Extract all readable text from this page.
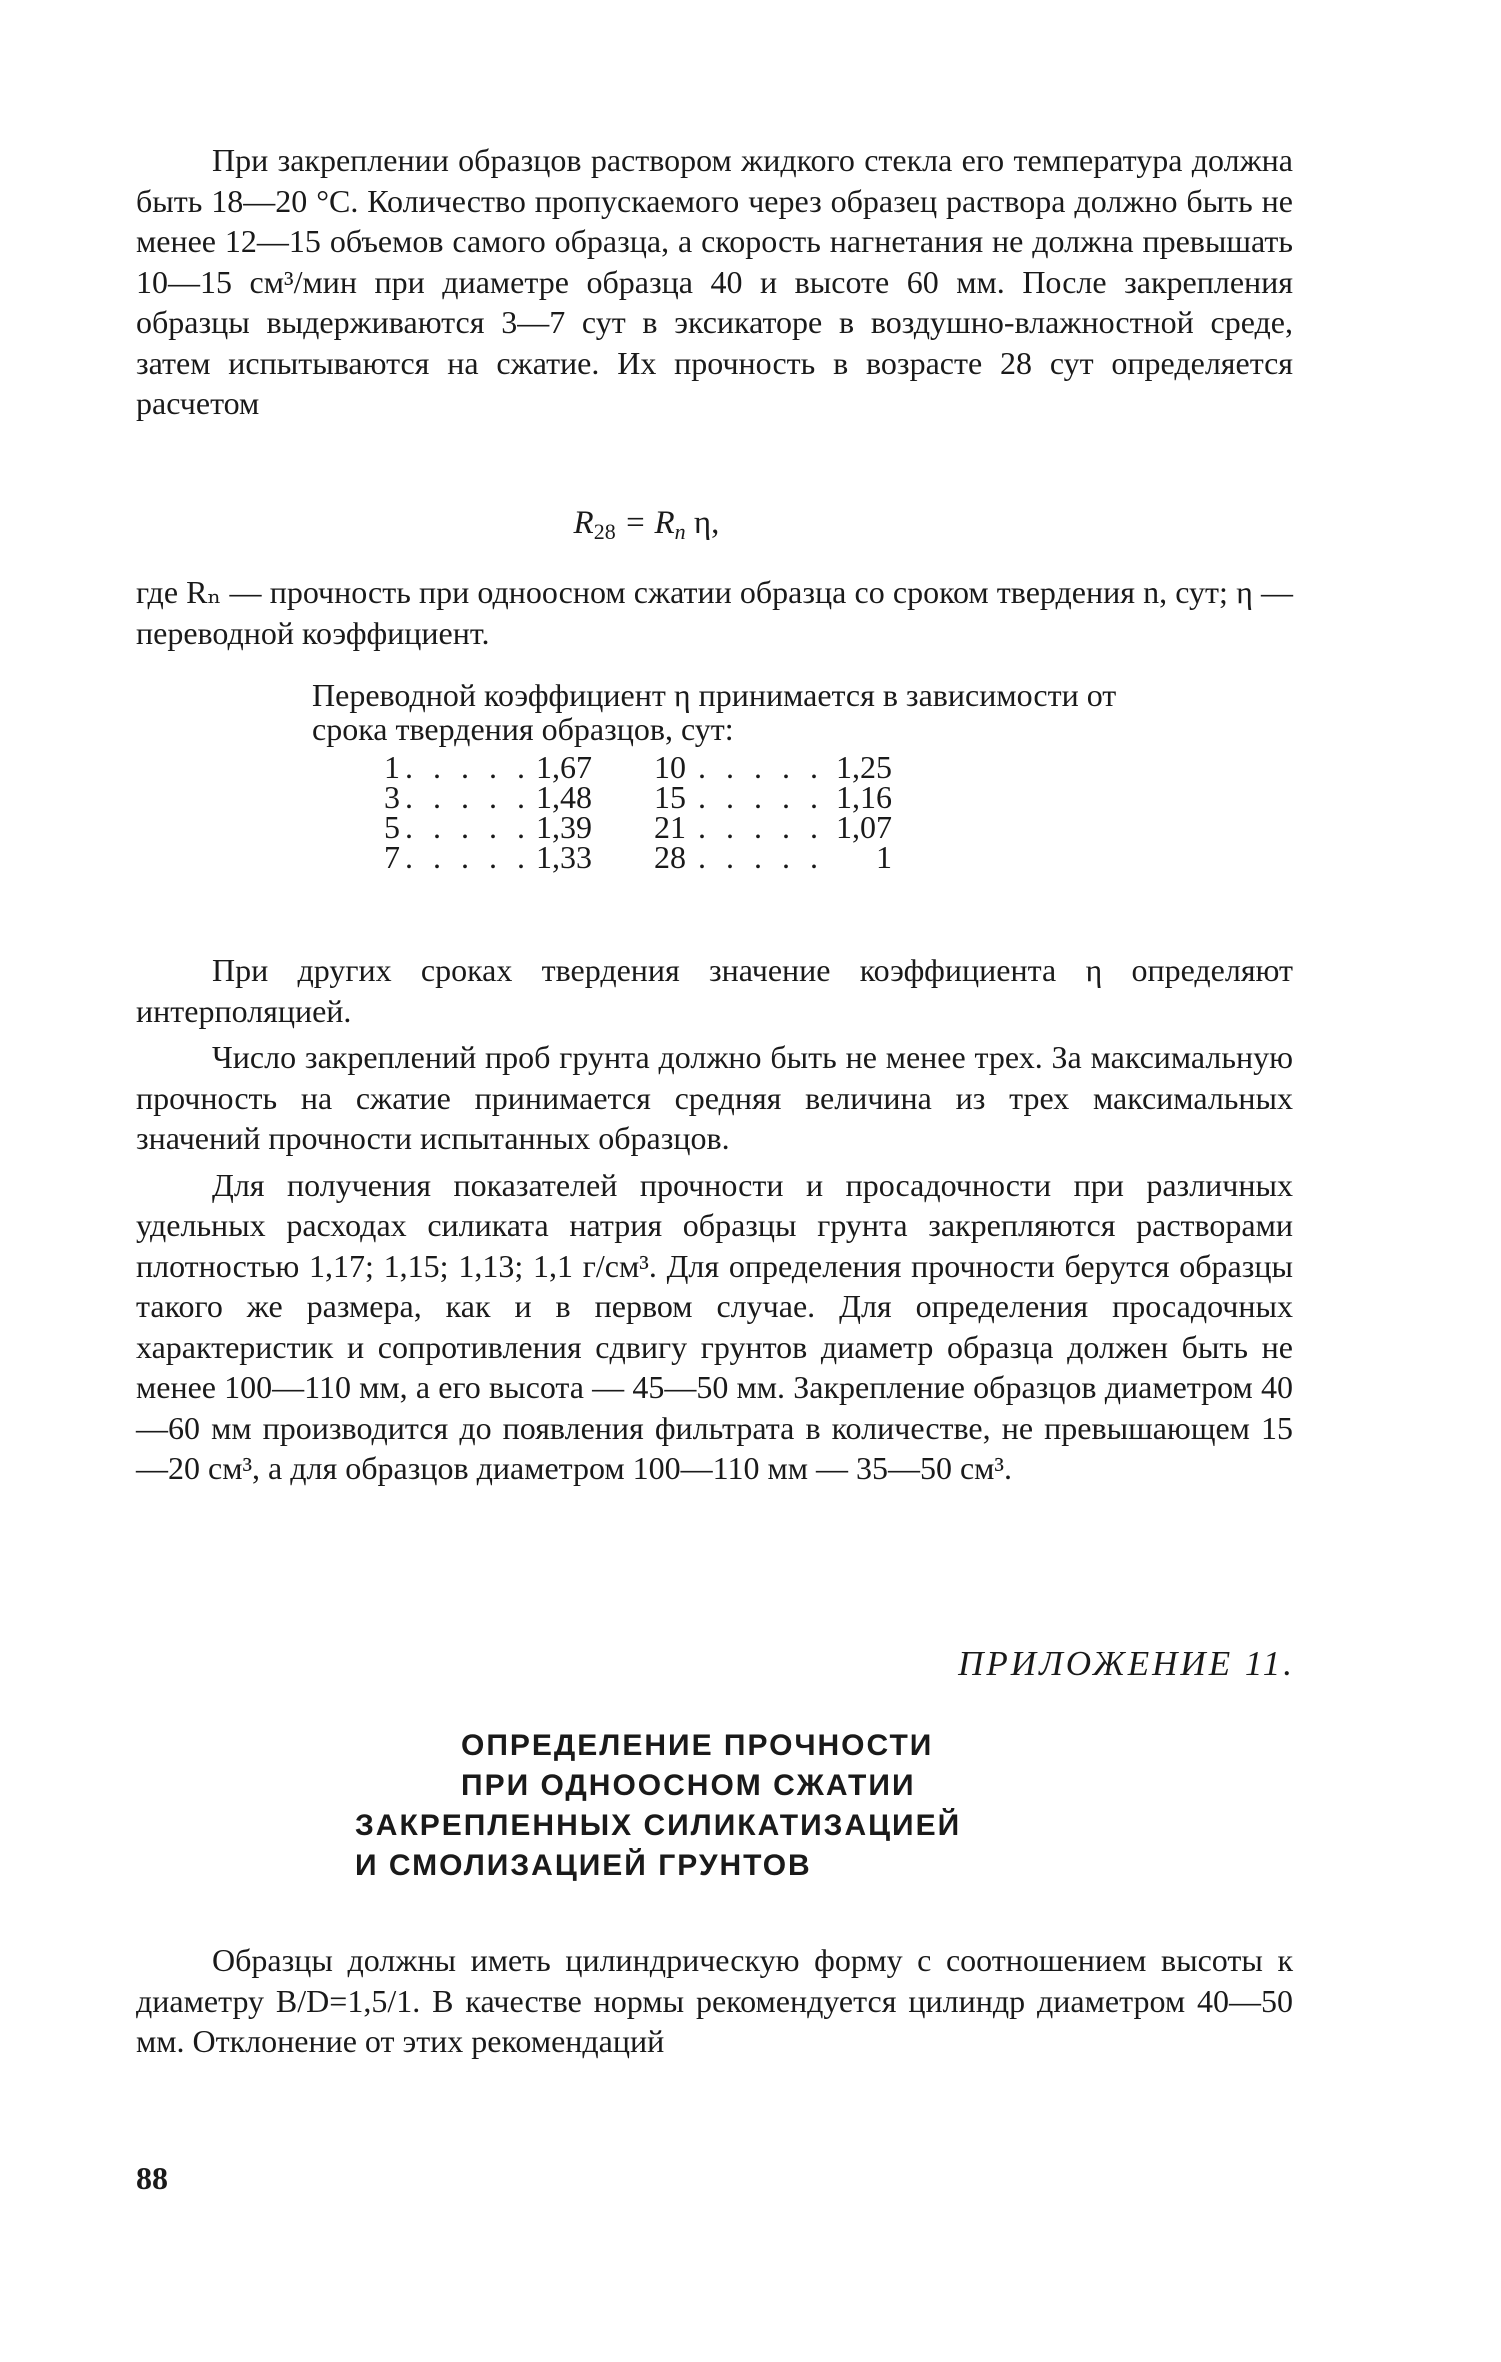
При закреплении образцов раствором жидкого стекла его температура должна быть 18—20 °С. Количество пропускаемого через образец раствора должно быть не менее 12—15 объемов самого образца, а скорость нагнетания не должна превышать 10—15 см³/мин при диаметре образца 40 и высоте 60 мм. После закрепления образцы выдерживаются 3—7 сут в эксикаторе в воздушно-влажностной среде, затем испытываются на сжатие. Их прочность в возрасте 28 сут определяется расчетом

$R_{28} = R_n$ η,

где Rₙ — прочность при одноосном сжатии образца со сроком твердения n, сут; η — переводной коэффициент.

Переводной коэффициент η принимается в зависимости от срока твердения образцов, сут:
1	. . . . .	1,67	10	. . . . .	1,25
3	. . . . .	1,48	15	. . . . .	1,16
5	. . . . .	1,39	21	. . . . .	1,07
7	. . . . .	1,33	28	. . . . .	1

При других сроках твердения значение коэффициента η определяют интерполяцией.

Число закреплений проб грунта должно быть не менее трех. За максимальную прочность на сжатие принимается средняя величина из трех максимальных значений прочности испытанных образцов.

Для получения показателей прочности и просадочности при различных удельных расходах силиката натрия образцы грунта закрепляются растворами плотностью 1,17; 1,15; 1,13; 1,1 г/см³. Для определения прочности берутся образцы такого же размера, как и в первом случае. Для определения просадочных характеристик и сопротивления сдвигу грунтов диаметр образца должен быть не менее 100—110 мм, а его высота — 45—50 мм. Закрепление образцов диаметром 40—60 мм производится до появления фильтрата в количестве, не превышающем 15—20 см³, а для образцов диаметром 100—110 мм — 35—50 см³.

ПРИЛОЖЕНИЕ 11.
ОПРЕДЕЛЕНИЕ ПРОЧНОСТИ
ПРИ ОДНООСНОМ СЖАТИИ
ЗАКРЕПЛЕННЫХ СИЛИКАТИЗАЦИЕЙ
И СМОЛИЗАЦИЕЙ ГРУНТОВ

Образцы должны иметь цилиндрическую форму с соотношением высоты к диаметру B/D=1,5/1. В качестве нормы рекомендуется цилиндр диаметром 40—50 мм. Отклонение от этих рекомендаций

88
